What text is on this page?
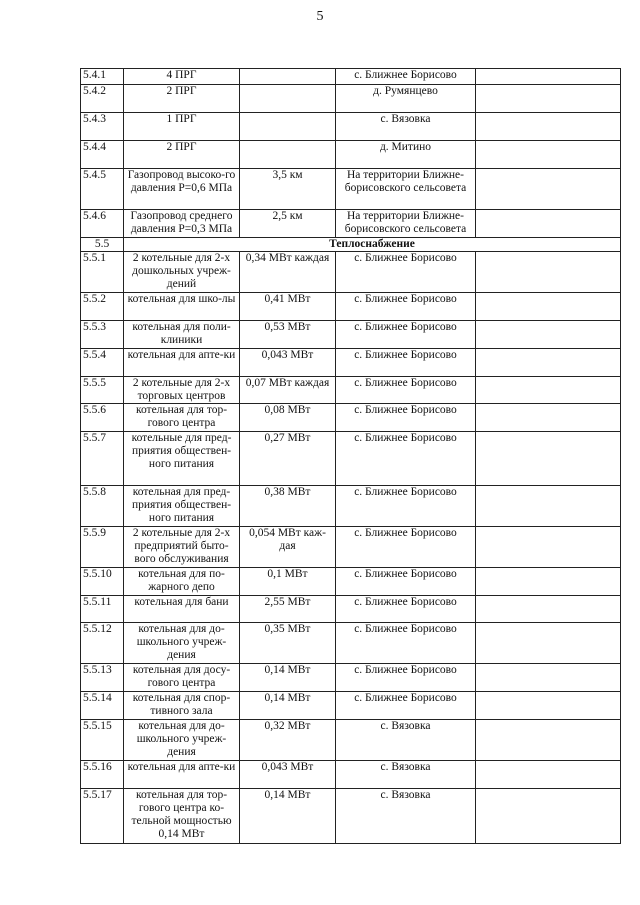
5
5.4.1	4 ПРГ		с. Ближнее Борисово	
5.4.2	2 ПРГ		д. Румянцево	
5.4.3	1 ПРГ		с. Вязовка	
5.4.4	2 ПРГ		д. Митино	
5.4.5	Газопровод высоко-го давления Р=0,6 МПа	3,5 км	На территории Ближне-борисовского сельсовета	
5.4.6	Газопровод среднего давления Р=0,3 МПа	2,5 км	На территории Ближне-борисовского сельсовета	
5.5	Теплоснабжение			
5.5.1	2 котельные для 2-х дошкольных учреж-дений	0,34 МВт каждая	с. Ближнее Борисово	
5.5.2	котельная для шко-лы	0,41 МВт	с. Ближнее Борисово	
5.5.3	котельная для поли-клиники	0,53 МВт	с. Ближнее Борисово	
5.5.4	котельная для апте-ки	0,043 МВт	с. Ближнее Борисово	
5.5.5	2 котельные для 2-х торговых центров	0,07 МВт каждая	с. Ближнее Борисово	
5.5.6	котельная для тор-гового центра	0,08 МВт	с. Ближнее Борисово	
5.5.7	котельные для пред-приятия обществен-ного питания	0,27 МВт	с. Ближнее Борисово	
5.5.8	котельная для пред-приятия обществен-ного питания	0,38 МВт	с. Ближнее Борисово	
5.5.9	2 котельные для 2-х предприятий быто-вого обслуживания	0,054 МВт каж-дая	с. Ближнее Борисово	
5.5.10	котельная для по-жарного депо	0,1 МВт	с. Ближнее Борисово	
5.5.11	котельная для бани	2,55 МВт	с. Ближнее Борисово	
5.5.12	котельная для до-школьного учреж-дения	0,35 МВт	с. Ближнее Борисово	
5.5.13	котельная для досу-гового центра	0,14 МВт	с. Ближнее Борисово	
5.5.14	котельная для спор-тивного зала	0,14 МВт	с. Ближнее Борисово	
5.5.15	котельная для до-школьного учреж-дения	0,32 МВт	с. Вязовка	
5.5.16	котельная для апте-ки	0,043 МВт	с. Вязовка	
5.5.17	котельная для тор-гового центра ко-тельной мощностью 0,14 МВт	0,14 МВт	с. Вязовка	
